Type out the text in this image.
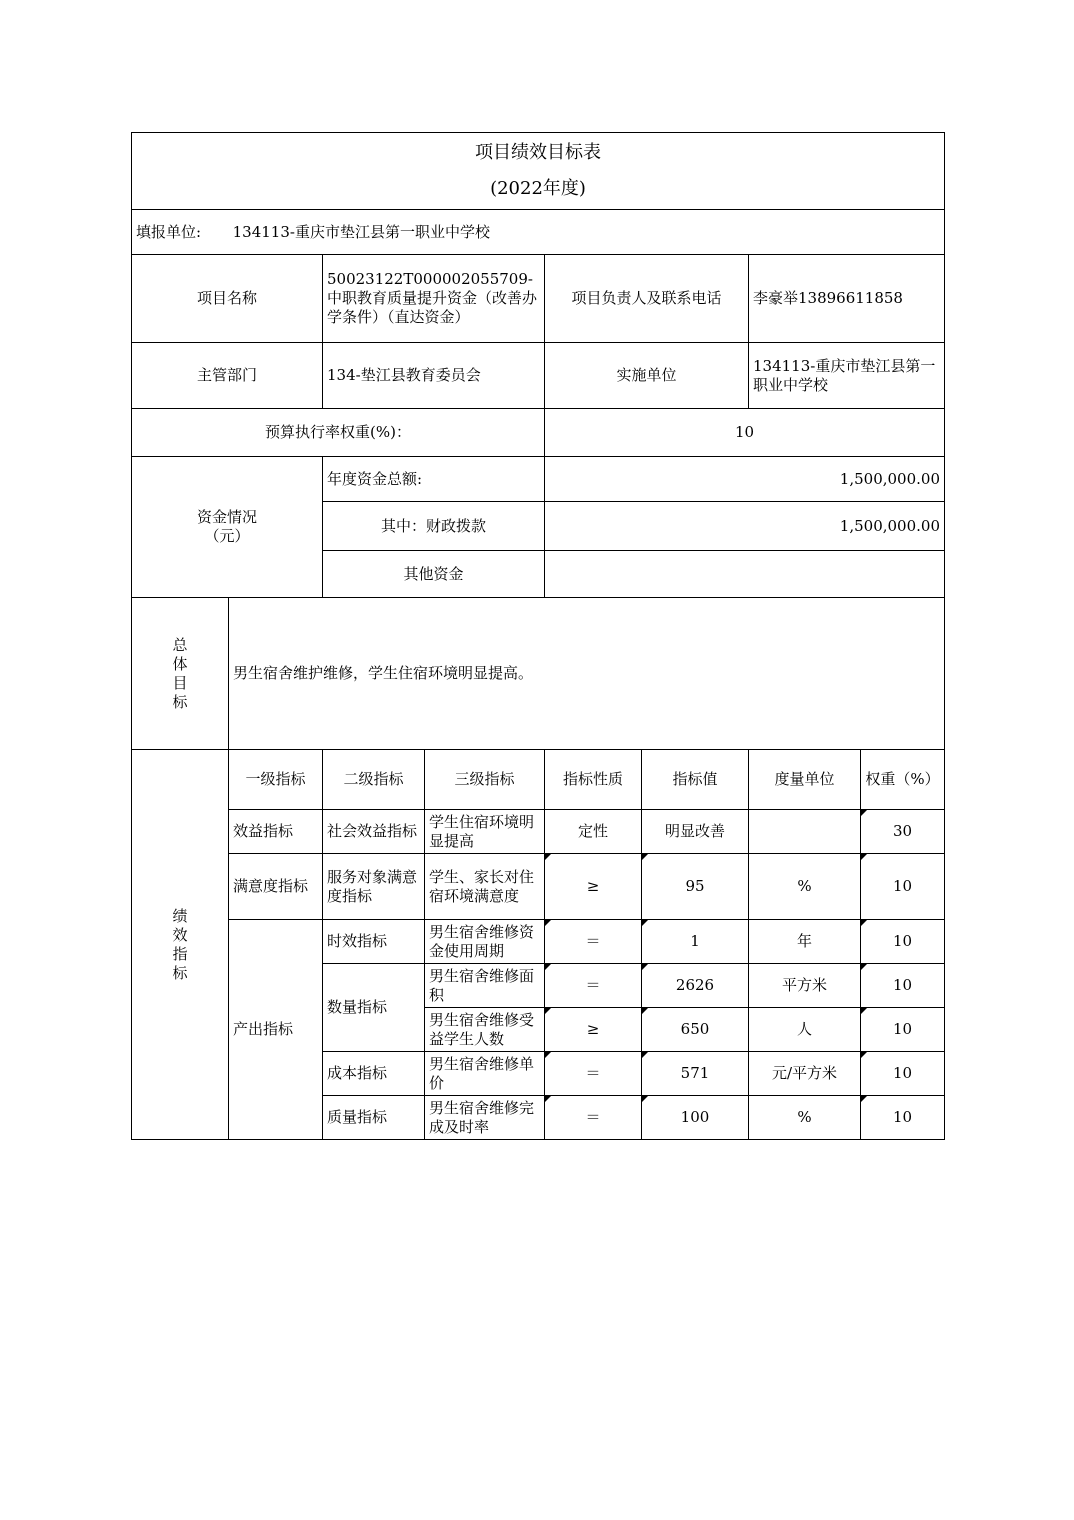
项目绩效目标表
(2022年度)							

填报单位: 134113-重庆市垫江县第一职业中学校							
项目名称		50023122T000002055709-中职教育质量提升资金（改善办学条件）（直达资金）		项目负责人及联系电话		李豪举13896611858	
主管部门		134-垫江县教育委员会		实施单位		134113-重庆市垫江县第一职业中学校	
预算执行率权重(%)：				10			
资金情况（元）		年度资金总额:		1,500,000.00			
		其中：财政拨款		1,500,000.00			
		其他资金					

总体目标	男生宿舍维护维修，学生住宿环境明显提高。						

绩效指标	一级指标	二级指标	三级指标	指标性质	指标值	度量单位	权重（%）
	效益指标	社会效益指标	学生住宿环境明显提高	定性	明显改善		30
	满意度指标	服务对象满意度指标	学生、家长对住宿环境满意度	≥	95	%	10
	产出指标	时效指标	男生宿舍维修资金使用周期	＝	1	年	10
		数量指标	男生宿舍维修面积	＝	2626	平方米	10
			男生宿舍维修受益学生人数	≥	650	人	10
		成本指标	男生宿舍维修单价	＝	571	元/平方米	10
		质量指标	男生宿舍维修完成及时率	＝	100	%	10
